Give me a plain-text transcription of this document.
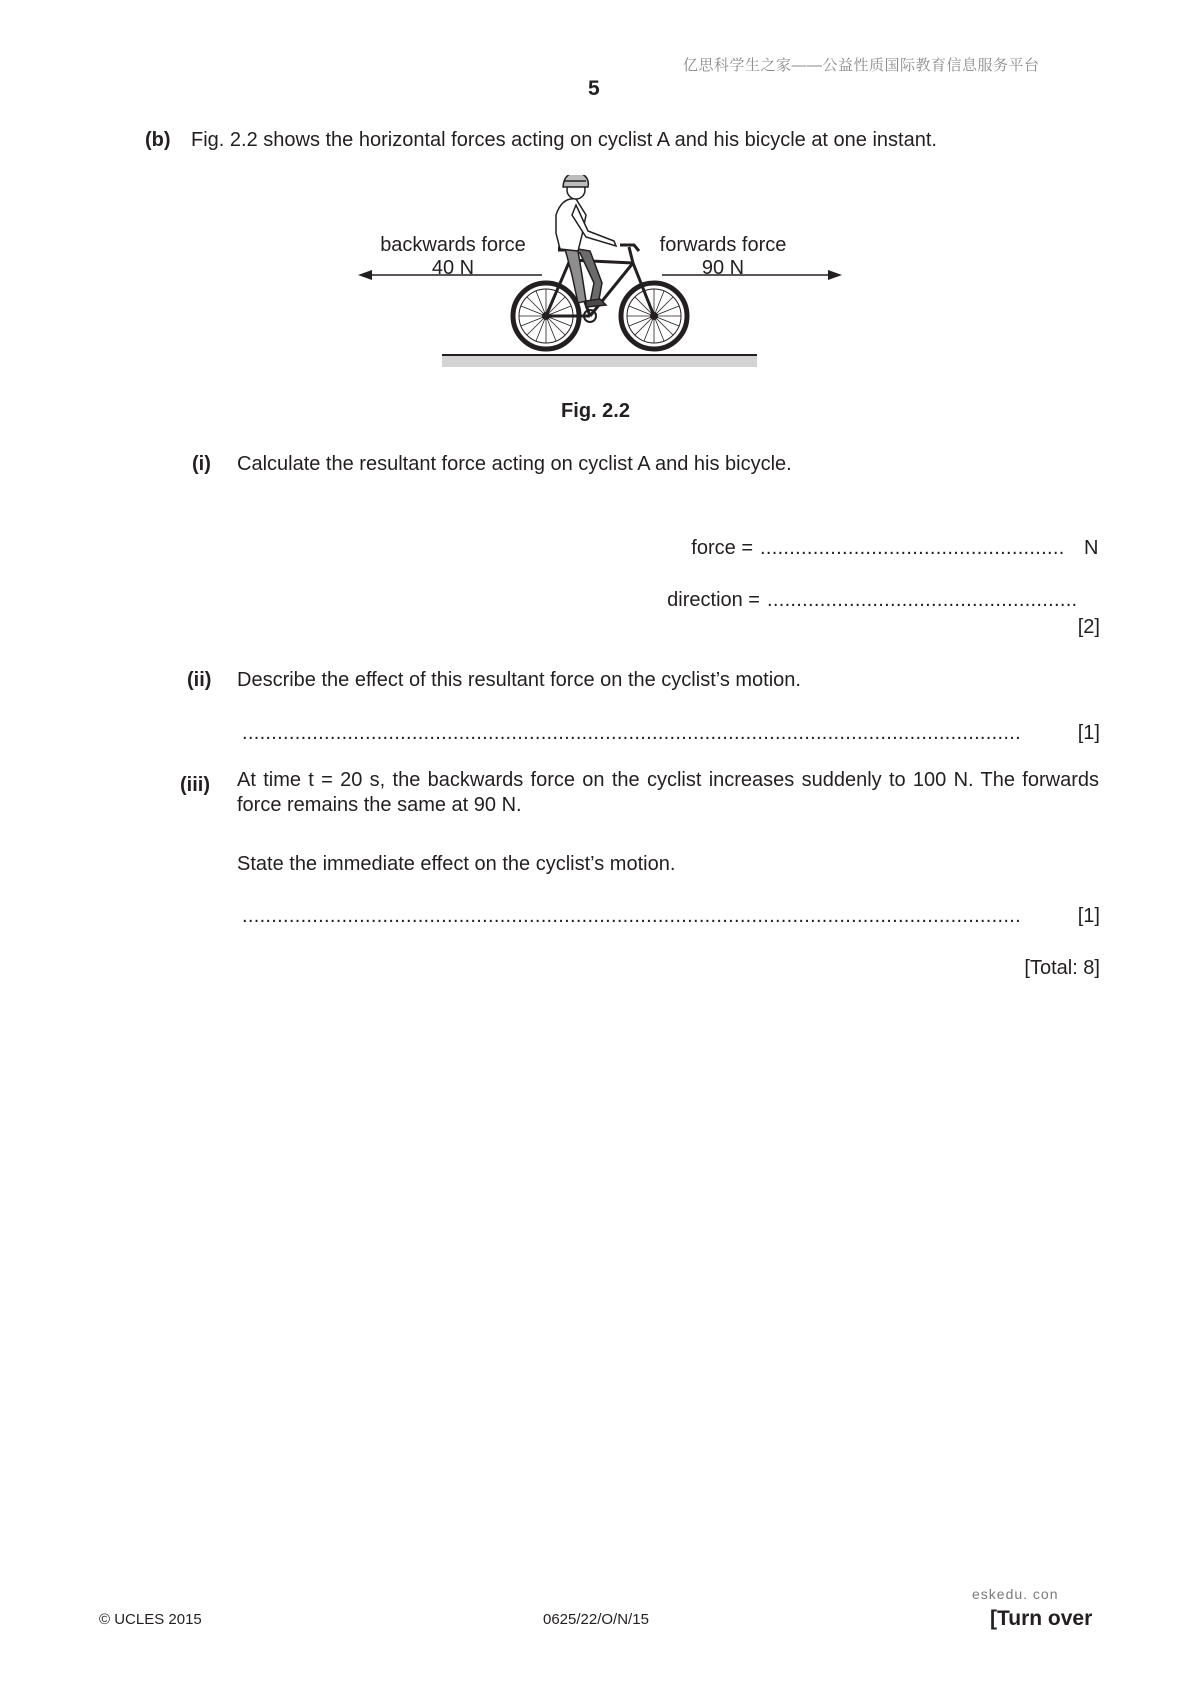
亿思科学生之家——公益性质国际教育信息服务平台
5
(b) Fig. 2.2 shows the horizontal forces acting on cyclist A and his bicycle at one instant.
backwards force
40 N
forwards force
90 N
Fig. 2.2
(i) Calculate the resultant force acting on cyclist A and his bicycle.
force = .................................................... N
direction = .....................................................
[2]
(ii) Describe the effect of this resultant force on the cyclist’s motion.
.....................................................................................................................................	[1]
(iii) At time t = 20 s, the backwards force on the cyclist increases suddenly to 100 N. The forwards force remains the same at 90 N.
State the immediate effect on the cyclist’s motion.
.....................................................................................................................................	[1]
[Total: 8]
eskedu. con
© UCLES 2015	0625/22/O/N/15	[Turn over
